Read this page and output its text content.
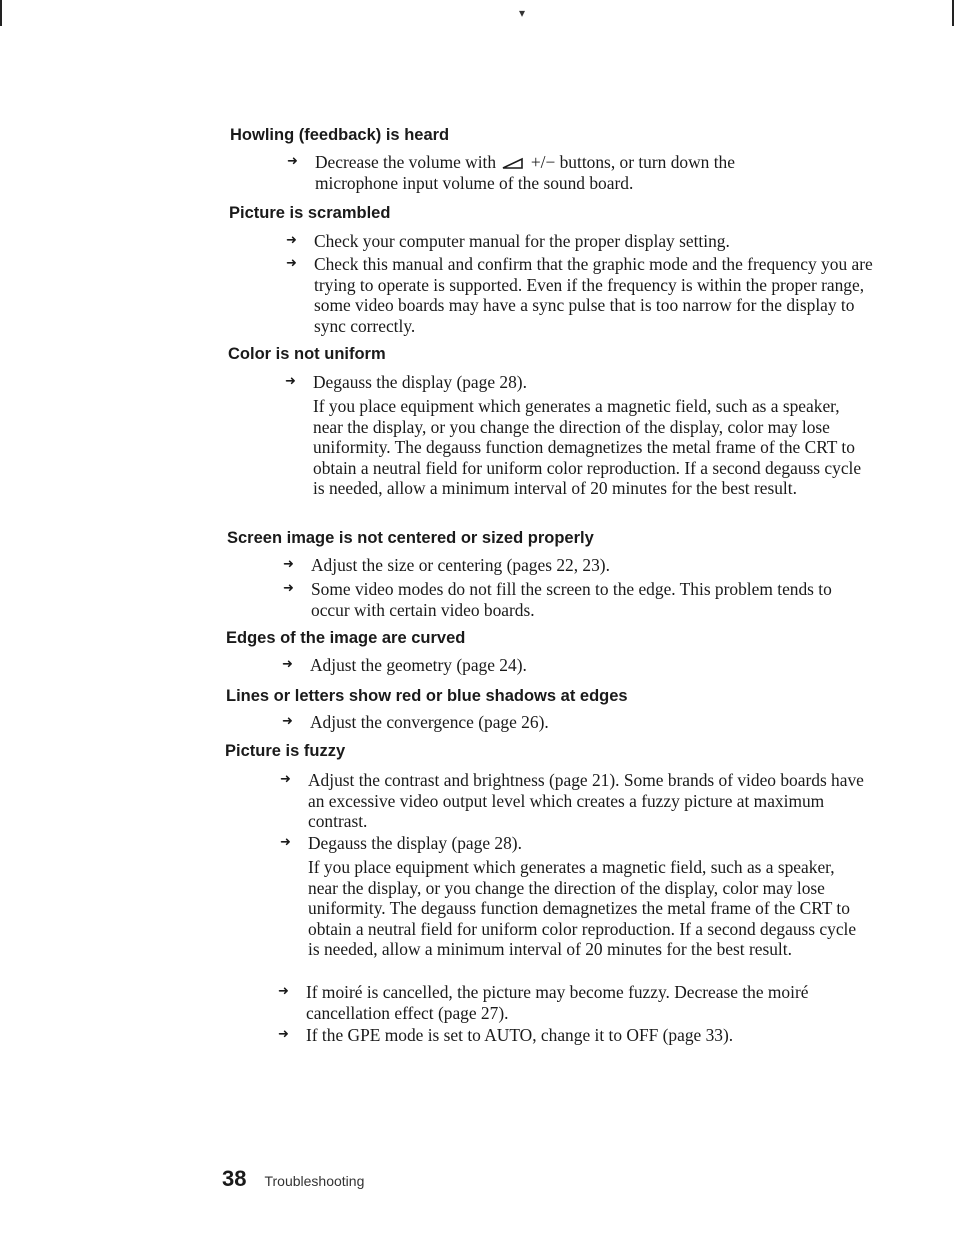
▾
Howling (feedback) is heard
➜ Decrease the volume with +/− buttons, or turn down the microphone input volume of the sound board.
Picture is scrambled
➜ Check your computer manual for the proper display setting.
➜ Check this manual and confirm that the graphic mode and the frequency you are trying to operate is supported. Even if the frequency is within the proper range, some video boards may have a sync pulse that is too narrow for the display to sync correctly.
Color is not uniform
➜ Degauss the display (page 28).

If you place equipment which generates a magnetic field, such as a speaker, near the display, or you change the direction of the display, color may lose uniformity. The degauss function demagnetizes the metal frame of the CRT to obtain a neutral field for uniform color reproduction. If a second degauss cycle is needed, allow a minimum interval of 20 minutes for the best result.

Screen image is not centered or sized properly
➜ Adjust the size or centering (pages 22, 23).
➜ Some video modes do not fill the screen to the edge. This problem tends to occur with certain video boards.
Edges of the image are curved
➜ Adjust the geometry (page 24).
Lines or letters show red or blue shadows at edges
➜ Adjust the convergence (page 26).
Picture is fuzzy
➜ Adjust the contrast and brightness (page 21). Some brands of video boards have an excessive video output level which creates a fuzzy picture at maximum contrast.
➜ Degauss the display (page 28).

If you place equipment which generates a magnetic field, such as a speaker, near the display, or you change the direction of the display, color may lose uniformity. The degauss function demagnetizes the metal frame of the CRT to obtain a neutral field for uniform color reproduction. If a second degauss cycle is needed, allow a minimum interval of 20 minutes for the best result.

➜ If moiré is cancelled, the picture may become fuzzy. Decrease the moiré cancellation effect (page 27).
➜ If the GPE mode is set to AUTO, change it to OFF (page 33).
38 Troubleshooting
